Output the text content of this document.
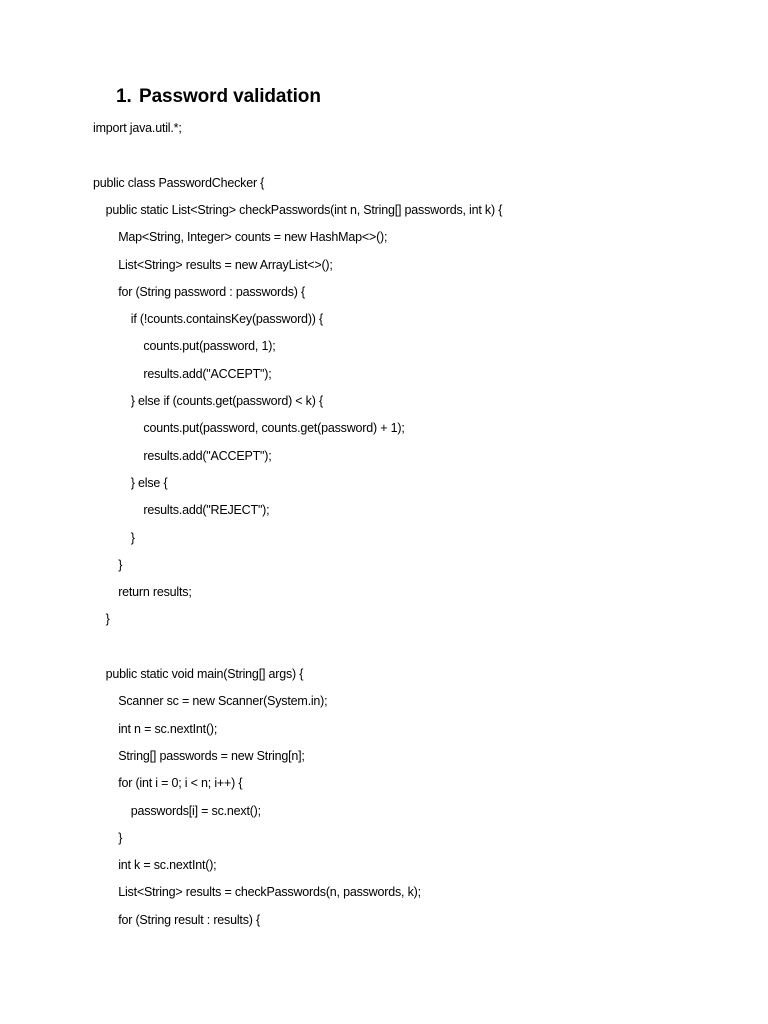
1. Password validation
import java.util.*;
public class PasswordChecker {
public static List<String> checkPasswords(int n, String[] passwords, int k) {
Map<String, Integer> counts = new HashMap<>();
List<String> results = new ArrayList<>();
for (String password : passwords) {
if (!counts.containsKey(password)) {
counts.put(password, 1);
results.add("ACCEPT");
} else if (counts.get(password) < k) {
counts.put(password, counts.get(password) + 1);
results.add("ACCEPT");
} else {
results.add("REJECT");
}
}
return results;
}
public static void main(String[] args) {
Scanner sc = new Scanner(System.in);
int n = sc.nextInt();
String[] passwords = new String[n];
for (int i = 0; i < n; i++) {
passwords[i] = sc.next();
}
int k = sc.nextInt();
List<String> results = checkPasswords(n, passwords, k);
for (String result : results) {
